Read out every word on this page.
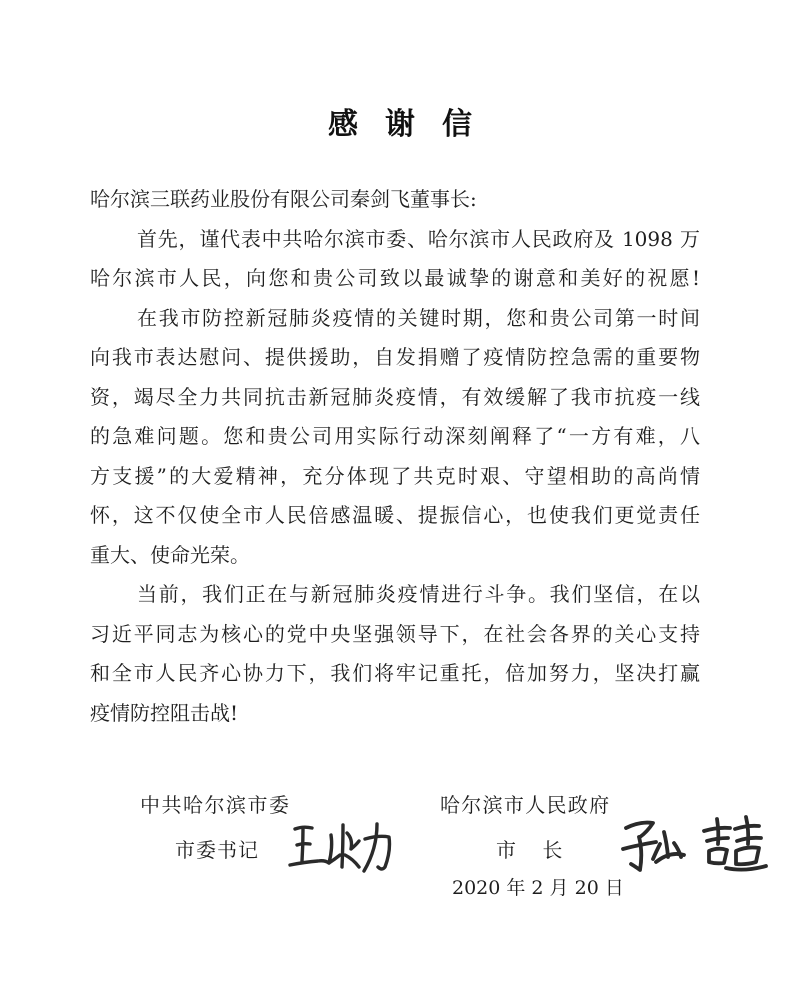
感谢信
哈尔滨三联药业股份有限公司秦剑飞董事长:
首先，谨代表中共哈尔滨市委、哈尔滨市人民政府及 1098 万
哈尔滨市人民，向您和贵公司致以最诚挚的谢意和美好的祝愿!
在我市防控新冠肺炎疫情的关键时期，您和贵公司第一时间
向我市表达慰问、提供援助，自发捐赠了疫情防控急需的重要物
资，竭尽全力共同抗击新冠肺炎疫情，有效缓解了我市抗疫一线
的急难问题。您和贵公司用实际行动深刻阐释了“一方有难，八
方支援”的大爱精神，充分体现了共克时艰、守望相助的高尚情
怀，这不仅使全市人民倍感温暖、提振信心，也使我们更觉责任
重大、使命光荣。
当前，我们正在与新冠肺炎疫情进行斗争。我们坚信，在以
习近平同志为核心的党中央坚强领导下，在社会各界的关心支持
和全市人民齐心协力下，我们将牢记重托，倍加努力，坚决打赢
疫情防控阻击战!
中共哈尔滨市委
市委书记
哈尔滨市人民政府
市 长
2020 年 2 月 20 日
